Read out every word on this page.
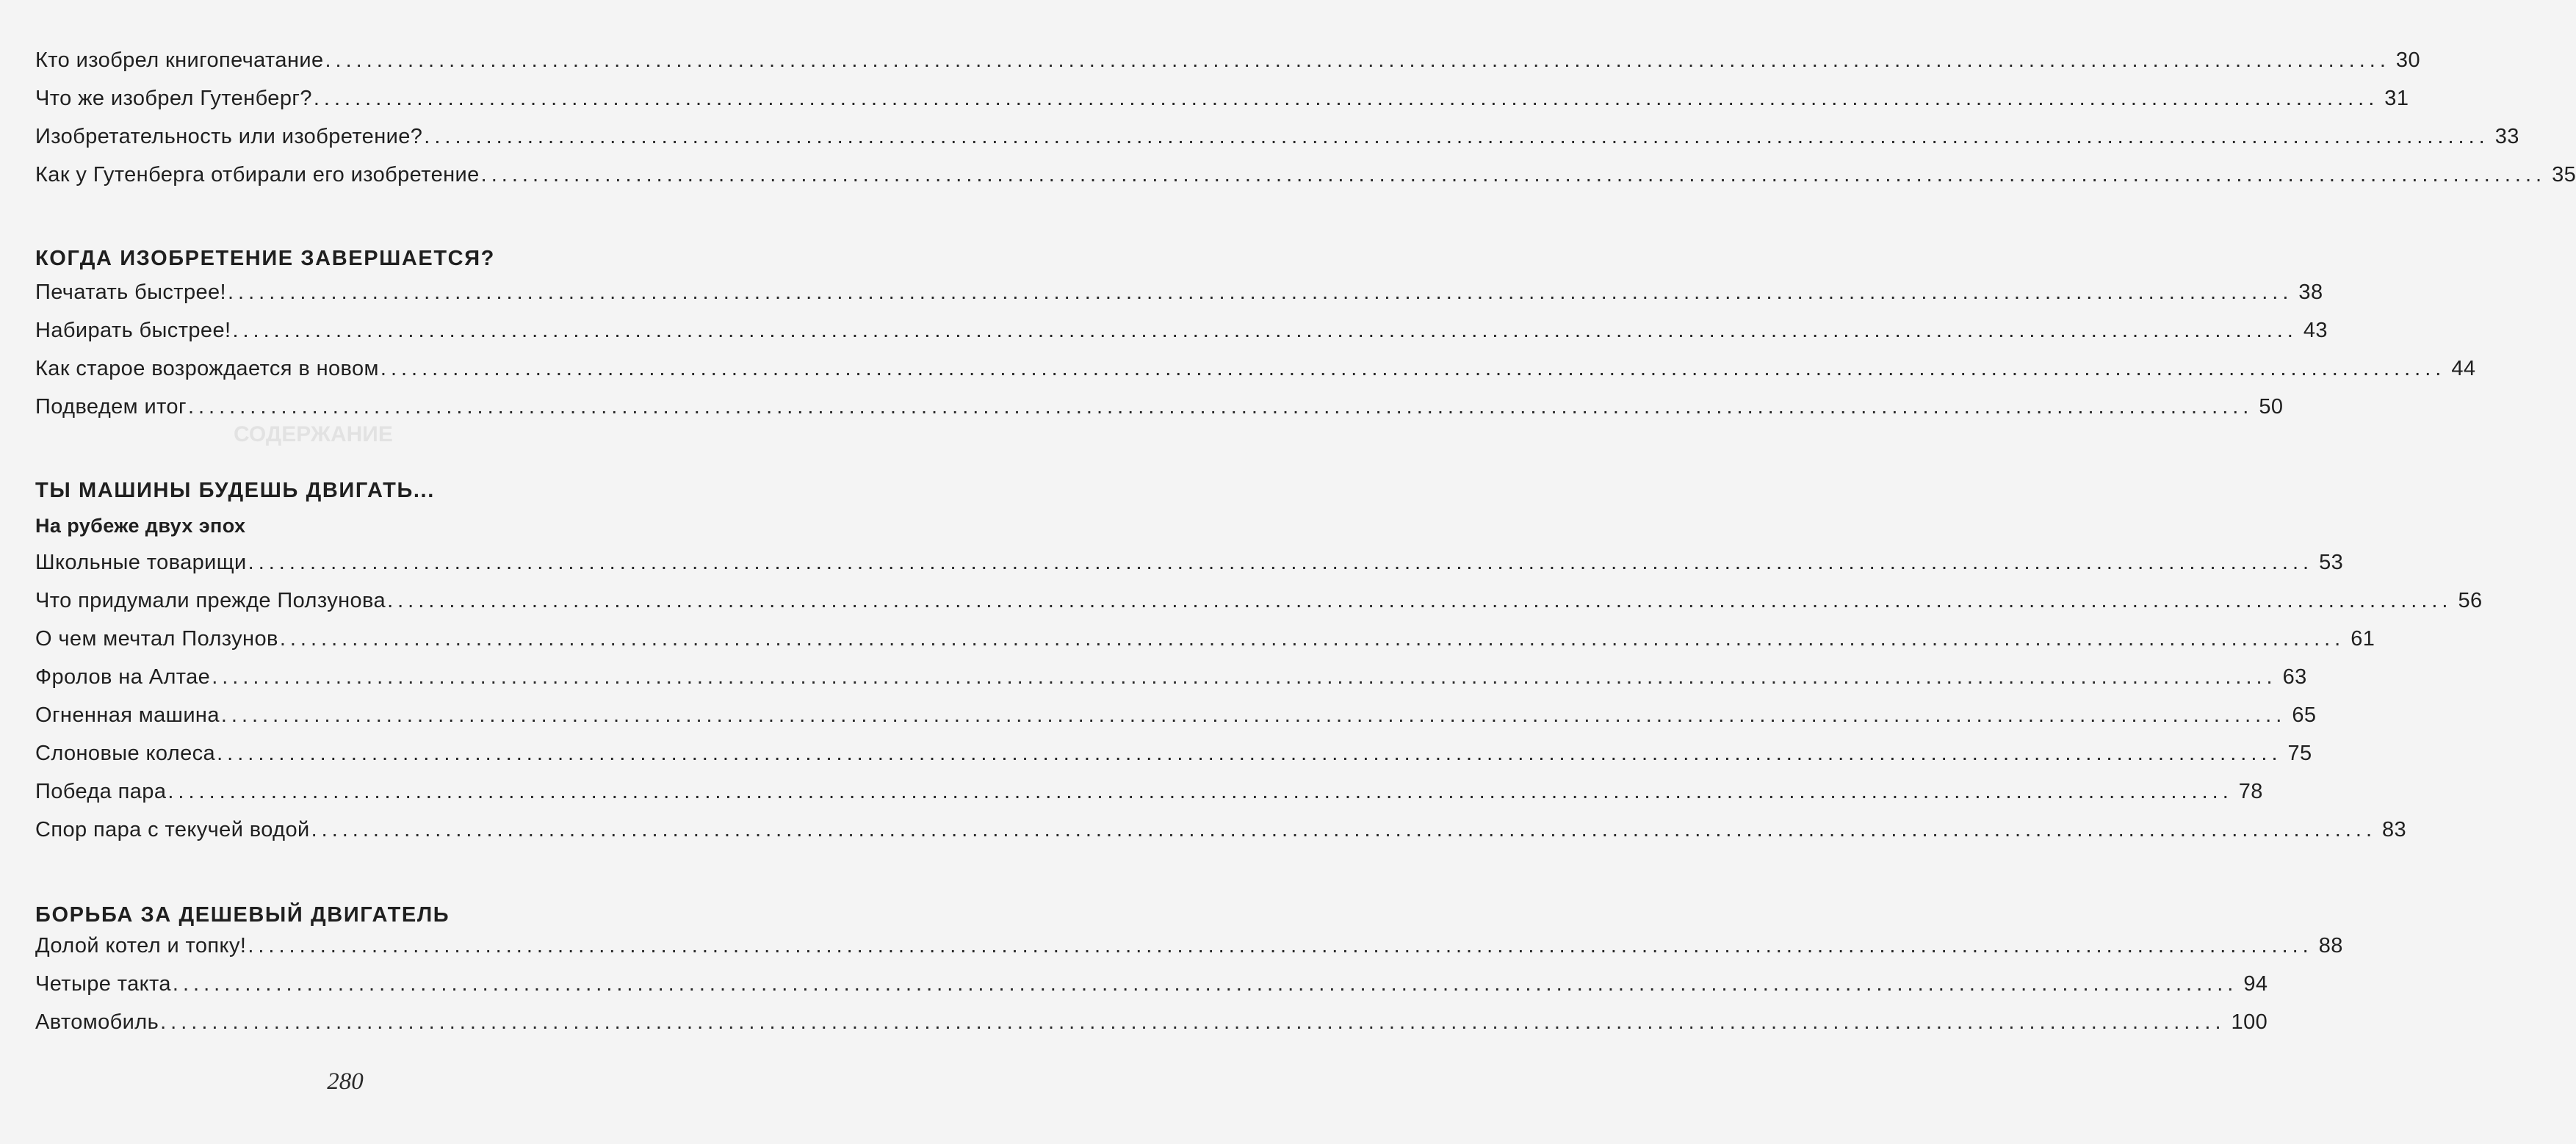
СОДЕРЖАНИЕ
Кто изобрел книгопечатание ........................................................................................................................................................................................................ 30
Что же изобрел Гутенберг? ........................................................................................................................................................................................................ 31
Изобретательность или изобретение? ........................................................................................................................................................................................................ 33
Как у Гутенберга отбирали его изобретение ........................................................................................................................................................................................................ 35
КОГДА ИЗОБРЕТЕНИЕ ЗАВЕРШАЕТСЯ?
Печатать быстрее! ........................................................................................................................................................................................................ 38
Набирать быстрее! ........................................................................................................................................................................................................ 43
Как старое возрождается в новом ........................................................................................................................................................................................................ 44
Подведем итог ........................................................................................................................................................................................................ 50
ТЫ МАШИНЫ БУДЕШЬ ДВИГАТЬ...
На рубеже двух эпох
Школьные товарищи ........................................................................................................................................................................................................ 53
Что придумали прежде Ползунова ........................................................................................................................................................................................................ 56
О чем мечтал Ползунов ........................................................................................................................................................................................................ 61
Фролов на Алтае ........................................................................................................................................................................................................ 63
Огненная машина ........................................................................................................................................................................................................ 65
Слоновые колеса ........................................................................................................................................................................................................ 75
Победа пара ........................................................................................................................................................................................................ 78
Спор пара с текучей водой ........................................................................................................................................................................................................ 83
БОРЬБА ЗА ДЕШЕВЫЙ ДВИГАТЕЛЬ
Долой котел и топку! ........................................................................................................................................................................................................ 88
Четыре такта ........................................................................................................................................................................................................ 94
Автомобиль ........................................................................................................................................................................................................ 100
280
